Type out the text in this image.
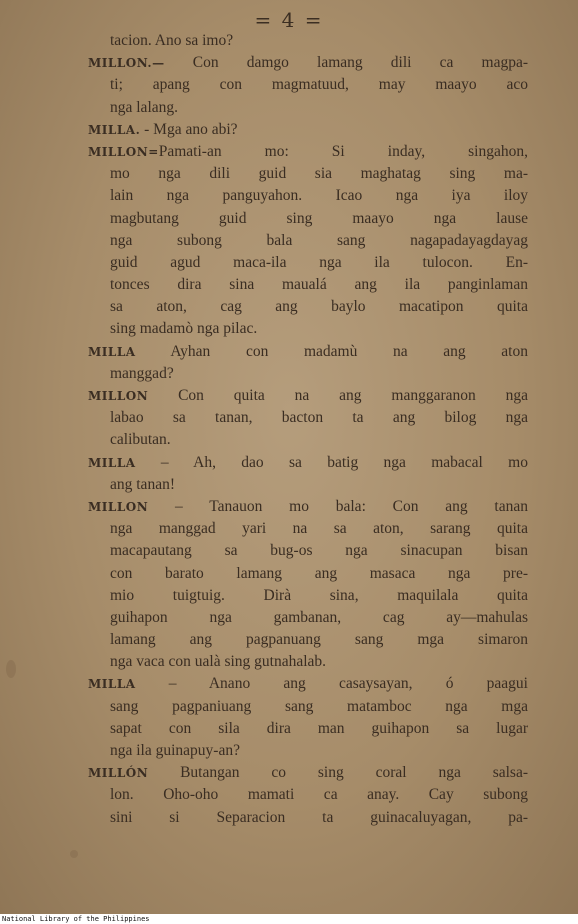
= 4 =
tacion. Ano sa imo?
MILLON.— Con damgo lamang dili ca magpa-
ti; apang con magmatuud, may maayo aco
nga lalang.
MILLA. - Mga ano abi?
MILLON=Pamati-an mo: Si inday, singahon,
mo nga dili guid sia maghatag sing ma-
lain nga panguyahon. Icao nga iya iloy
magbutang guid sing maayo nga lause
nga subong bala sang nagapadayagdayag
guid agud maca-ila nga ila tulocon. En-
tonces dira sina maualá ang ila panginlaman
sa aton, cag ang baylo macatipon quita
sing madamò nga pilac.
MILLA Ayhan con madamù na ang aton
manggad?
MILLON Con quita na ang manggaranon nga
labao sa tanan, bacton ta ang bilog nga
calibutan.
MILLA – Ah, dao sa batig nga mabacal mo
ang tanan!
MILLON – Tanauon mo bala: Con ang tanan
nga manggad yari na sa aton, sarang quita
macapautang sa bug-os nga sinacupan bisan
con barato lamang ang masaca nga pre-
mio tuigtuig. Dirà sina, maquilala quita
guihapon nga gambanan, cag ay—mahulas
lamang ang pagpanuang sang mga simaron
nga vaca con ualà sing gutnahalab.
MILLA – Anano ang casaysayan, ó paagui
sang pagpaniuang sang matamboc nga mga
sapat con sila dira man guihapon sa lugar
nga ila guinapuy-an?
MILLÓN Butangan co sing coral nga salsa-
lon. Oho-oho mamati ca anay. Cay subong
sini si Separacion ta guinacaluyagan, pa-
National Library of the Philippines
